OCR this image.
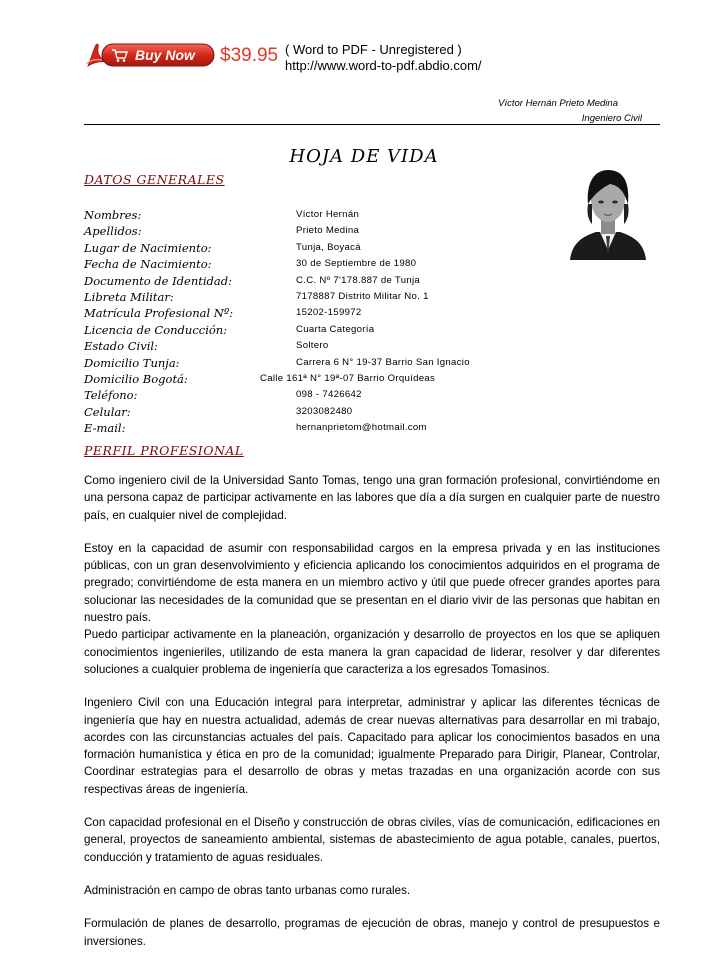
Buy Now $39.95 ( Word to PDF - Unregistered )
http://www.word-to-pdf.abdio.com/
Víctor Hernán Prieto Medina
Ingeniero Civil
HOJA DE VIDA
DATOS GENERALES
Nombres:	Víctor Hernán
Apellidos:	Prieto Medina
Lugar de Nacimiento:	Tunja, Boyacá
Fecha de Nacimiento:	30 de Septiembre de 1980
Documento de Identidad:	C.C. Nº 7'178.887 de Tunja
Libreta Militar:	7178887 Distrito Militar No. 1
Matrícula Profesional Nº:	15202-159972
Licencia de Conducción:	Cuarta Categoría
Estado Civil:	Soltero
Domicilio Tunja:	Carrera 6 N° 19-37 Barrio San Ignacio
Domicilio Bogotá:	Calle 161ª N° 19ª-07 Barrio Orquídeas
Teléfono:	098 - 7426642
Celular:	3203082480
E-mail:	hernanprietom@hotmail.com
PERFIL PROFESIONAL

Como ingeniero civil de la Universidad Santo Tomas, tengo una gran formación profesional, convirtiéndome en una persona capaz de participar activamente en las labores que día a día surgen en cualquier parte de nuestro país, en cualquier nivel de complejidad.

Estoy en la capacidad de asumir con responsabilidad cargos en la empresa privada y en las instituciones públicas, con un gran desenvolvimiento y eficiencia aplicando los conocimientos adquiridos en el programa de pregrado; convirtiéndome de esta manera en un miembro activo y útil que puede ofrecer grandes aportes para solucionar las necesidades de la comunidad que se presentan en el diario vivir de las personas que habitan en nuestro país.

Puedo participar activamente en la planeación, organización y desarrollo de proyectos en los que se apliquen conocimientos ingenieriles, utilizando de esta manera la gran capacidad de liderar, resolver y dar diferentes soluciones a cualquier problema de ingeniería que caracteriza a los egresados Tomasinos.

Ingeniero Civil con una Educación integral para interpretar, administrar y aplicar las diferentes técnicas de ingeniería que hay en nuestra actualidad, además de crear nuevas alternativas para desarrollar en mi trabajo, acordes con las circunstancias actuales del país. Capacitado para aplicar los conocimientos basados en una formación humanística y ética en pro de la comunidad; igualmente Preparado para Dirigir, Planear, Controlar, Coordinar estrategias para el desarrollo de obras y metas trazadas en una organización acorde con sus respectivas áreas de ingeniería.

Con capacidad profesional en el Diseño y construcción de obras civiles, vías de comunicación, edificaciones en general, proyectos de saneamiento ambiental, sistemas de abastecimiento de agua potable, canales, puertos, conducción y tratamiento de aguas residuales.

Administración en campo de obras tanto urbanas como rurales.

Formulación de planes de desarrollo, programas de ejecución de obras, manejo y control de presupuestos e inversiones.
